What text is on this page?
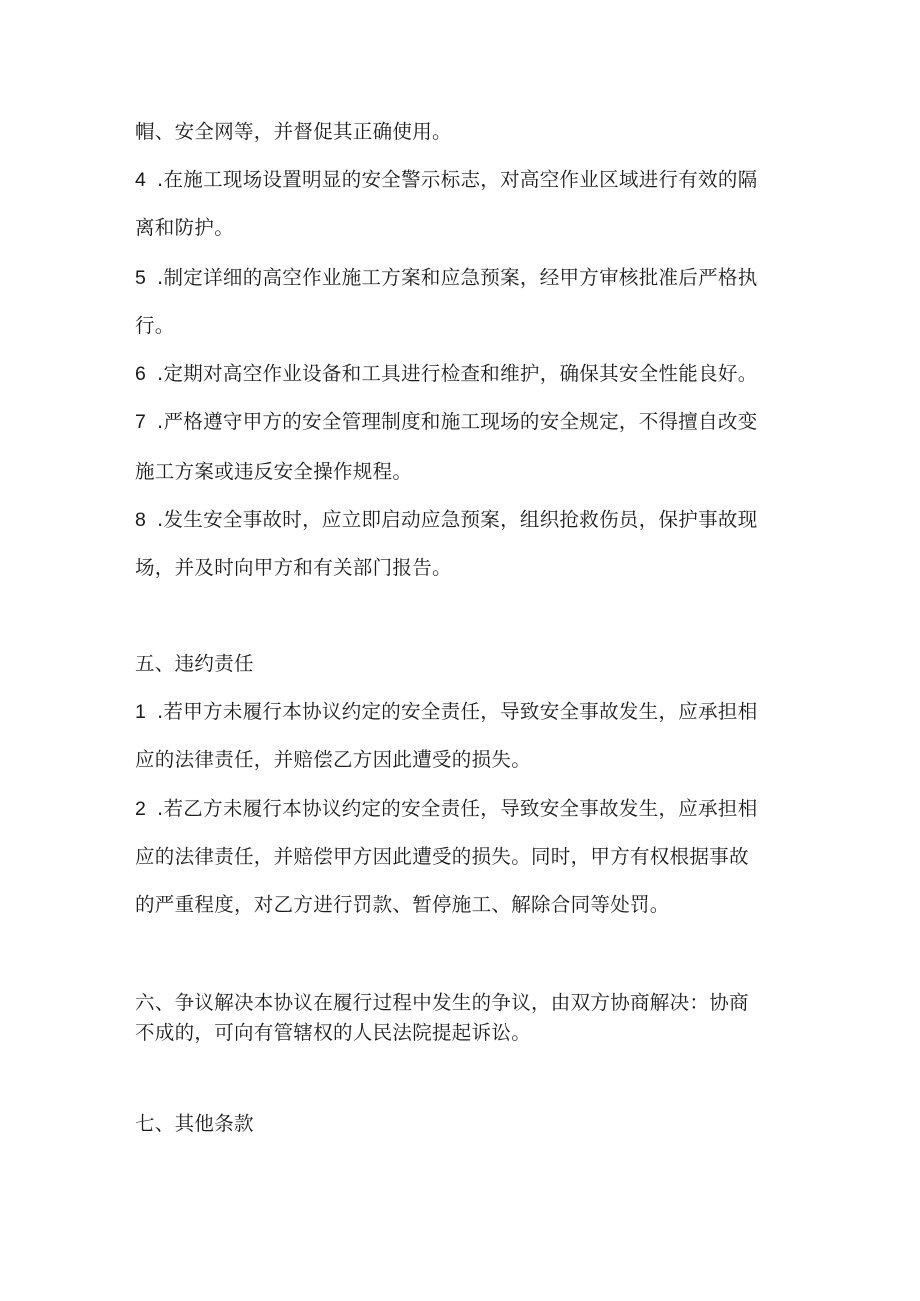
帽、安全网等，并督促其正确使用。
4 .在施工现场设置明显的安全警示标志，对高空作业区域进行有效的隔
离和防护。
5 .制定详细的高空作业施工方案和应急预案，经甲方审核批准后严格执
行。
6 .定期对高空作业设备和工具进行检查和维护，确保其安全性能良好。
7 .严格遵守甲方的安全管理制度和施工现场的安全规定，不得擅自改变
施工方案或违反安全操作规程。
8 .发生安全事故时，应立即启动应急预案，组织抢救伤员，保护事故现
场，并及时向甲方和有关部门报告。
五、违约责任
1 .若甲方未履行本协议约定的安全责任，导致安全事故发生，应承担相
应的法律责任，并赔偿乙方因此遭受的损失。
2 .若乙方未履行本协议约定的安全责任，导致安全事故发生，应承担相
应的法律责任，并赔偿甲方因此遭受的损失。同时，甲方有权根据事故
的严重程度，对乙方进行罚款、暂停施工、解除合同等处罚。
六、争议解决本协议在履行过程中发生的争议，由双方协商解决：协商
不成的，可向有管辖权的人民法院提起诉讼。
七、其他条款
